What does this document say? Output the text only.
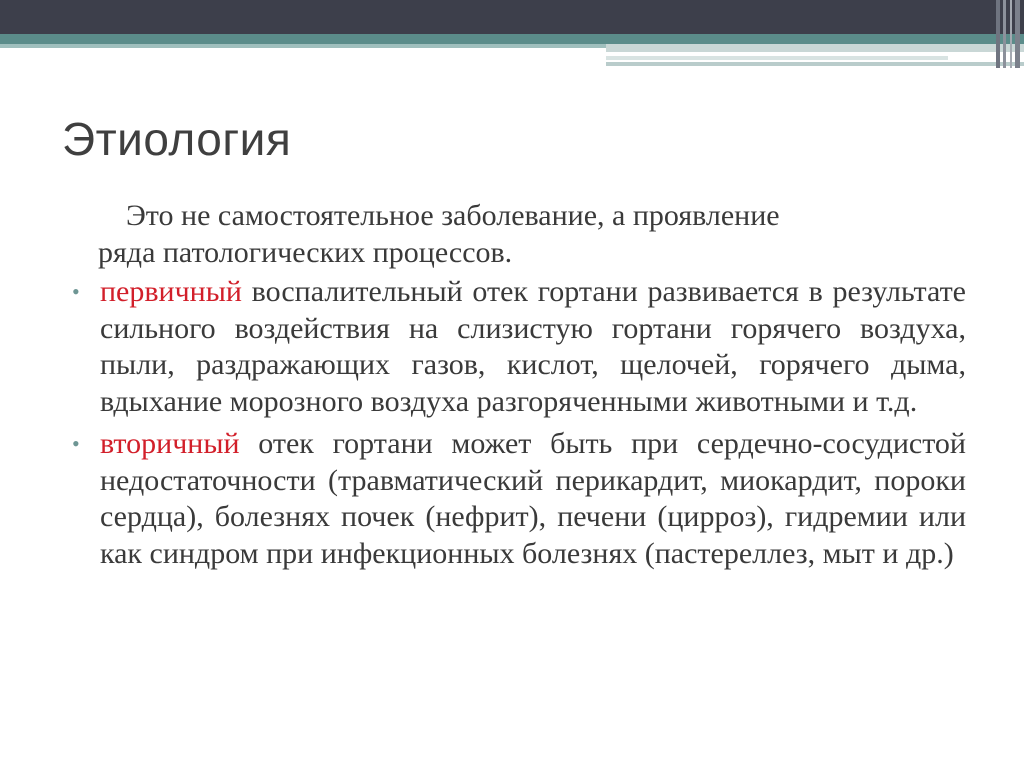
Этиология

Это не самостоятельное заболевание, а проявление
ряда патологических процессов.

• первичный воспалительный отек гортани развивается в результате сильного воздействия на слизистую гортани горячего воздуха, пыли, раздражающих газов, кислот, щелочей, горячего дыма, вдыхание морозного воздуха разгоряченными животными и т.д.

• вторичный отек гортани может быть при сердечно-сосудистой недостаточности (травматический перикардит, миокардит, пороки сердца), болезнях почек (нефрит), печени (цирроз), гидремии или как синдром при инфекционных болезнях (пастереллез, мыт и др.)
